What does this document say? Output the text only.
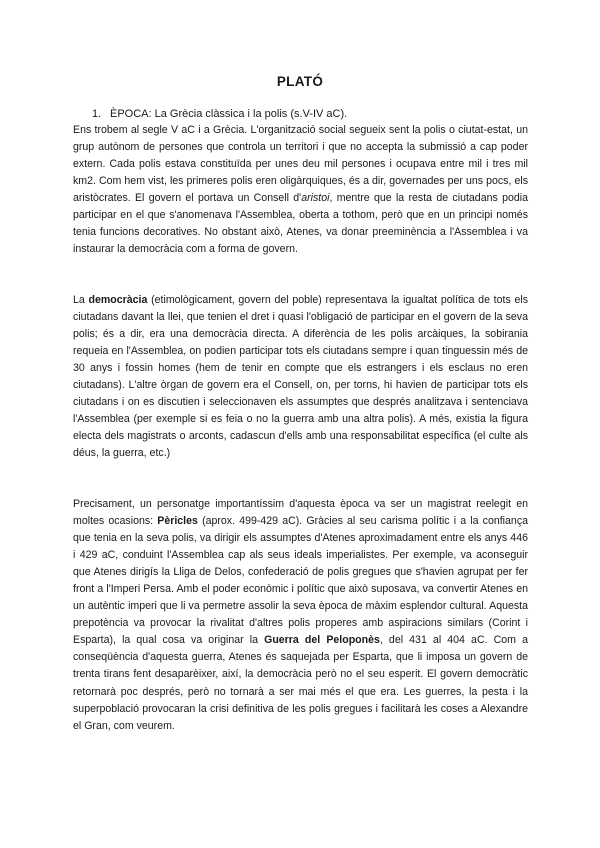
PLATÓ
1. ÈPOCA: La Grècia clàssica i la polis (s.V-IV aC).

Ens trobem al segle V aC i a Grècia. L'organització social segueix sent la polis o ciutat-estat, un grup autònom de persones que controla un territori i que no accepta la submissió a cap poder extern. Cada polis estava constituïda per unes deu mil persones i ocupava entre mil i tres mil km2. Com hem vist, les primeres polis eren oligàrquiques, és a dir, governades per uns pocs, els aristòcrates. El govern el portava un Consell d'aristoi, mentre que la resta de ciutadans podia participar en el que s'anomenava l'Assemblea, oberta a tothom, però que en un principi només tenia funcions decoratives. No obstant això, Atenes, va donar preeminència a l'Assemblea i va instaurar la democràcia com a forma de govern.

La democràcia (etimològicament, govern del poble) representava la igualtat política de tots els ciutadans davant la llei, que tenien el dret i quasi l'obligació de participar en el govern de la seva polis; és a dir, era una democràcia directa. A diferència de les polis arcàiques, la sobirania requeia en l'Assemblea, on podien participar tots els ciutadans sempre i quan tinguessin més de 30 anys i fossin homes (hem de tenir en compte que els estrangers i els esclaus no eren ciutadans). L'altre òrgan de govern era el Consell, on, per torns, hi havien de participar tots els ciutadans i on es discutien i seleccionaven els assumptes que després analitzava i sentenciava l'Assemblea (per exemple si es feia o no la guerra amb una altra polis). A més, existia la figura electa dels magistrats o arconts, cadascun d'ells amb una responsabilitat específica (el culte als déus, la guerra, etc.)

Precisament, un personatge importantíssim d'aquesta època va ser un magistrat reelegit en moltes ocasions: Pèricles (aprox. 499-429 aC). Gràcies al seu carisma polític i a la confiança que tenia en la seva polis, va dirigir els assumptes d'Atenes aproximadament entre els anys 446 i 429 aC, conduint l'Assemblea cap als seus ideals imperialistes. Per exemple, va aconseguir que Atenes dirigís la Lliga de Delos, confederació de polis gregues que s'havien agrupat per fer front a l'Imperi Persa. Amb el poder econòmic i polític que això suposava, va convertir Atenes en un autèntic imperi que li va permetre assolir la seva època de màxim esplendor cultural. Aquesta prepotència va provocar la rivalitat d'altres polis properes amb aspiracions similars (Corint i Esparta), la qual cosa va originar la Guerra del Peloponès, del 431 al 404 aC. Com a conseqüència d'aquesta guerra, Atenes és saquejada per Esparta, que li imposa un govern de trenta tirans fent desaparèixer, així, la democràcia però no el seu esperit. El govern democràtic retornarà poc després, però no tornarà a ser mai més el que era. Les guerres, la pesta i la superpoblació provocaran la crisi definitiva de les polis gregues i facilitarà les coses a Alexandre el Gran, com veurem.
